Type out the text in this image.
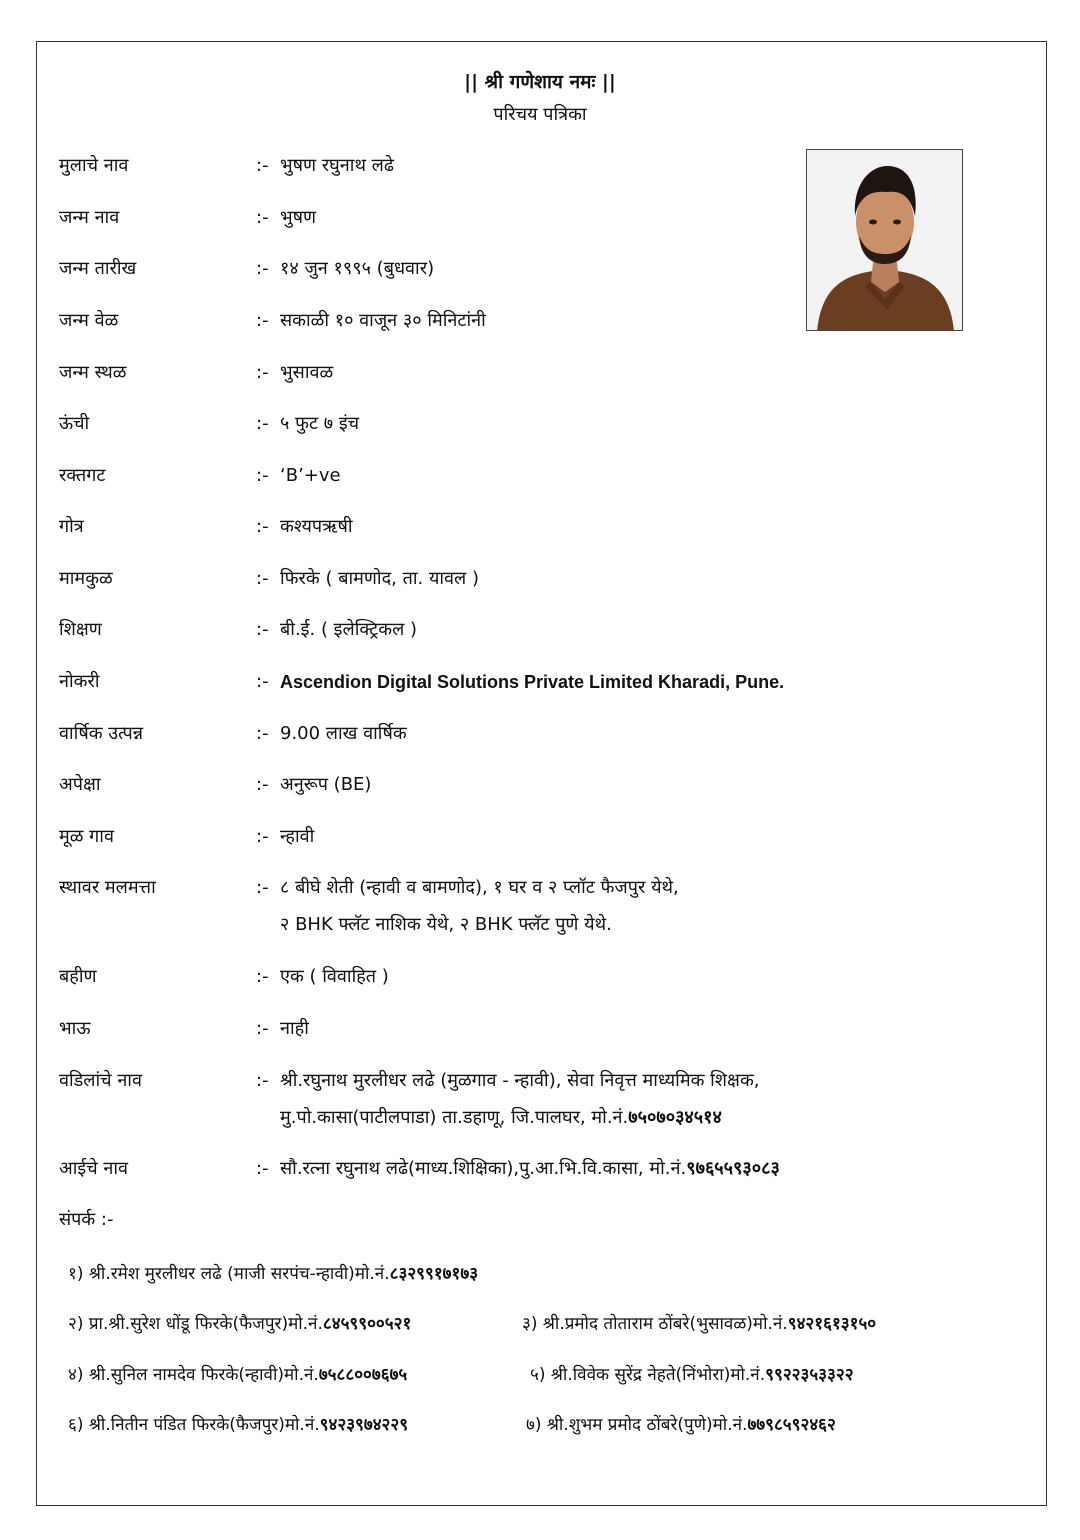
|| श्री गणेशाय नमः ||
परिचय पत्रिका
मुलाचे नाव	:- भुषण रघुनाथ लढे
जन्म नाव	:- भुषण
जन्म तारीख	:- १४ जुन १९९५ (बुधवार)
जन्म वेळ	:- सकाळी १० वाजून ३० मिनिटांनी
जन्म स्थळ	:- भुसावळ
ऊंची	:- ५ फुट ७ इंच
रक्तगट	:- ‘B’+ve
गोत्र	:- कश्यपऋषी
मामकुळ	:- फिरके ( बामणोद, ता. यावल )
शिक्षण	:- बी.ई. ( इलेक्ट्रिकल )
नोकरी	:- Ascendion Digital Solutions Private Limited Kharadi, Pune.
वार्षिक उत्पन्न	:- 9.00 लाख वार्षिक
अपेक्षा	:- अनुरूप (BE)
मूळ गाव	:- न्हावी
स्थावर मलमत्ता	:- ८ बीघे शेती (न्हावी व बामणोद), १ घर व २ प्लॉट फैजपुर येथे,
२ BHK फ्लॅट नाशिक येथे, २ BHK फ्लॅट पुणे येथे.
बहीण	:- एक ( विवाहित )
भाऊ	:- नाही
वडिलांचे नाव	:- श्री.रघुनाथ मुरलीधर लढे (मुळगाव - न्हावी), सेवा निवृत्त माध्यमिक शिक्षक,
मु.पो.कासा(पाटीलपाडा) ता.डहाणू, जि.पालघर, मो.नं.७५०७०३४५१४
आईचे नाव	:- सौ.रत्ना रघुनाथ लढे(माध्य.शिक्षिका),पु.आ.भि.वि.कासा, मो.नं.९७६५५९३०८३
संपर्क :-
१) श्री.रमेश मुरलीधर लढे (माजी सरपंच-न्हावी)मो.नं.८३२९९१७१७३
२) प्रा.श्री.सुरेश धोंडू फिरके(फैजपुर)मो.नं.८४५९९००५२१	३) श्री.प्रमोद तोताराम ठोंबरे(भुसावळ)मो.नं.९४२१६१३१५०
४) श्री.सुनिल नामदेव फिरके(न्हावी)मो.नं.७५८८००७६७५	५) श्री.विवेक सुरेंद्र नेहते(निंभोरा)मो.नं.९९२२३५३३२२
६) श्री.नितीन पंडित फिरके(फैजपुर)मो.नं.९४२३९७४२२९	७) श्री.शुभम प्रमोद ठोंबरे(पुणे)मो.नं.७७९८५९२४६२
